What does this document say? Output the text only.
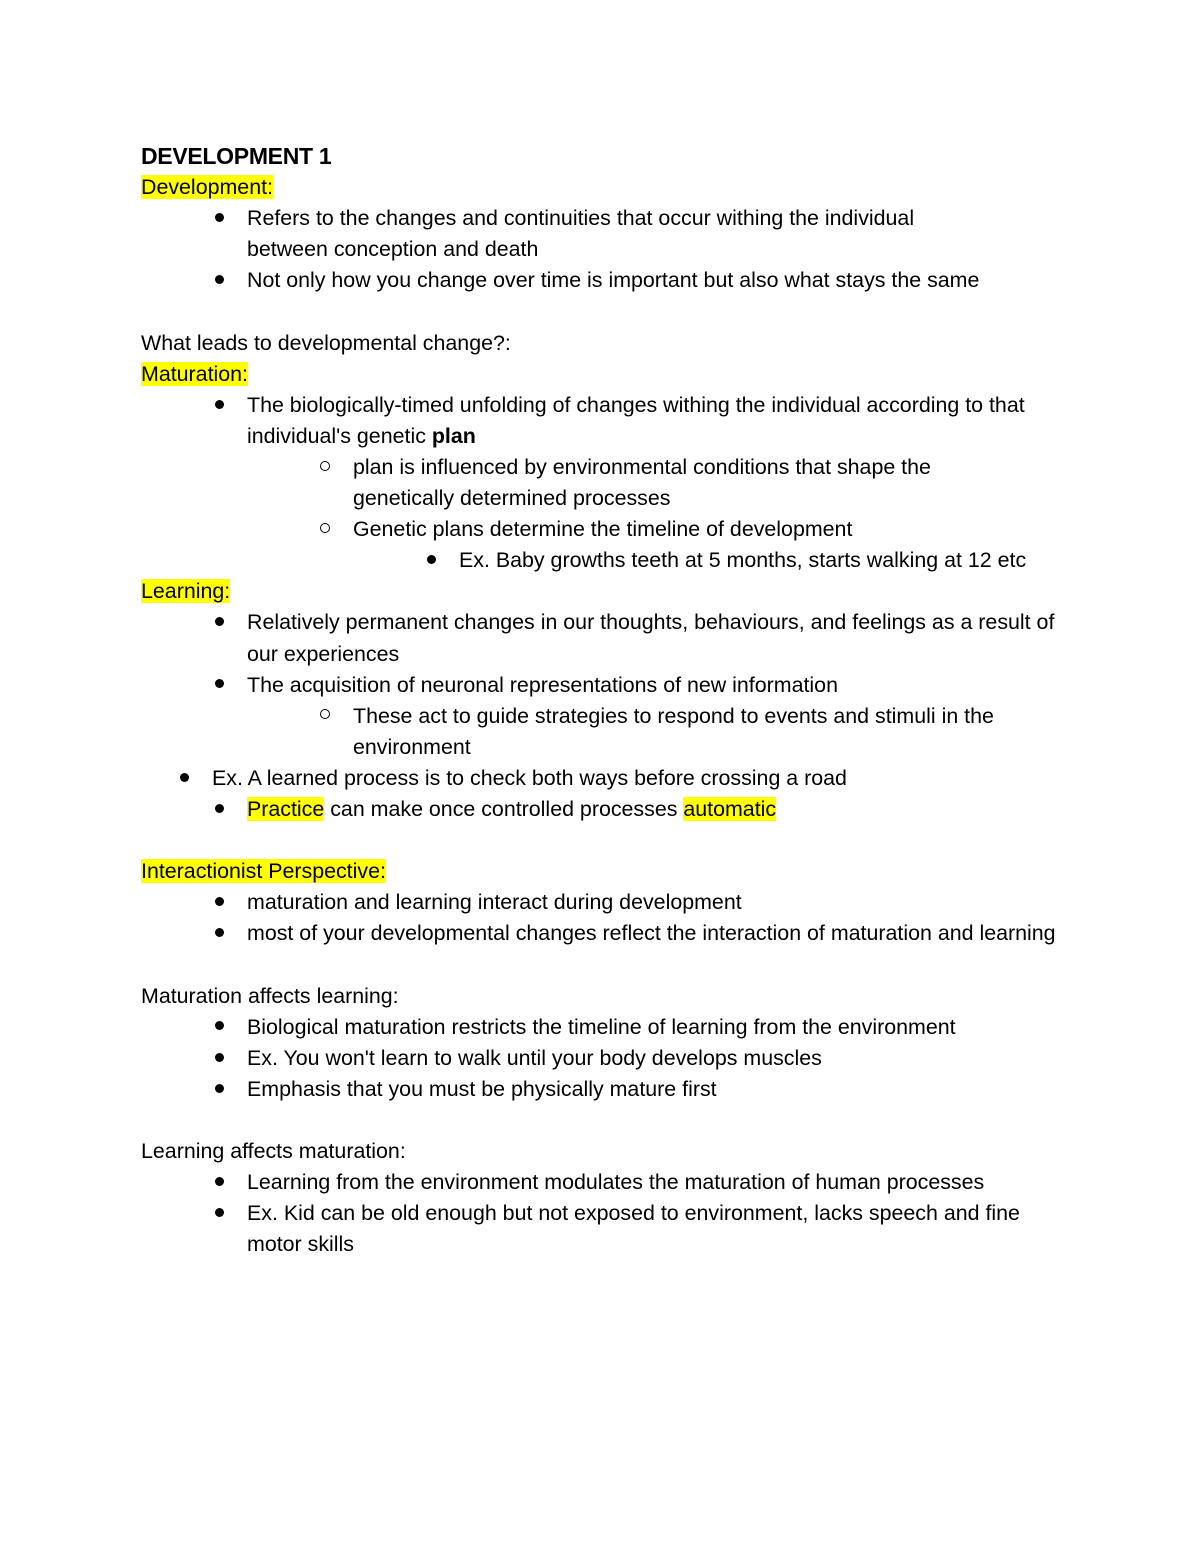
DEVELOPMENT 1

Development:

Refers to the changes and continuities that occur withing the individual between conception and death
Not only how you change over time is important but also what stays the same

What leads to developmental change?:

Maturation:

The biologically-timed unfolding of changes withing the individual according to that individual's genetic plan
plan is influenced by environmental conditions that shape the genetically determined processes
Genetic plans determine the timeline of development
Ex. Baby growths teeth at 5 months, starts walking at 12 etc

Learning:

Relatively permanent changes in our thoughts, behaviours, and feelings as a result of our experiences
The acquisition of neuronal representations of new information
These act to guide strategies to respond to events and stimuli in the environment
Ex. A learned process is to check both ways before crossing a road
Practice can make once controlled processes automatic

Interactionist Perspective:

maturation and learning interact during development
most of your developmental changes reflect the interaction of maturation and learning

Maturation affects learning:

Biological maturation restricts the timeline of learning from the environment
Ex. You won't learn to walk until your body develops muscles
Emphasis that you must be physically mature first

Learning affects maturation:

Learning from the environment modulates the maturation of human processes
Ex. Kid can be old enough but not exposed to environment, lacks speech and fine motor skills
